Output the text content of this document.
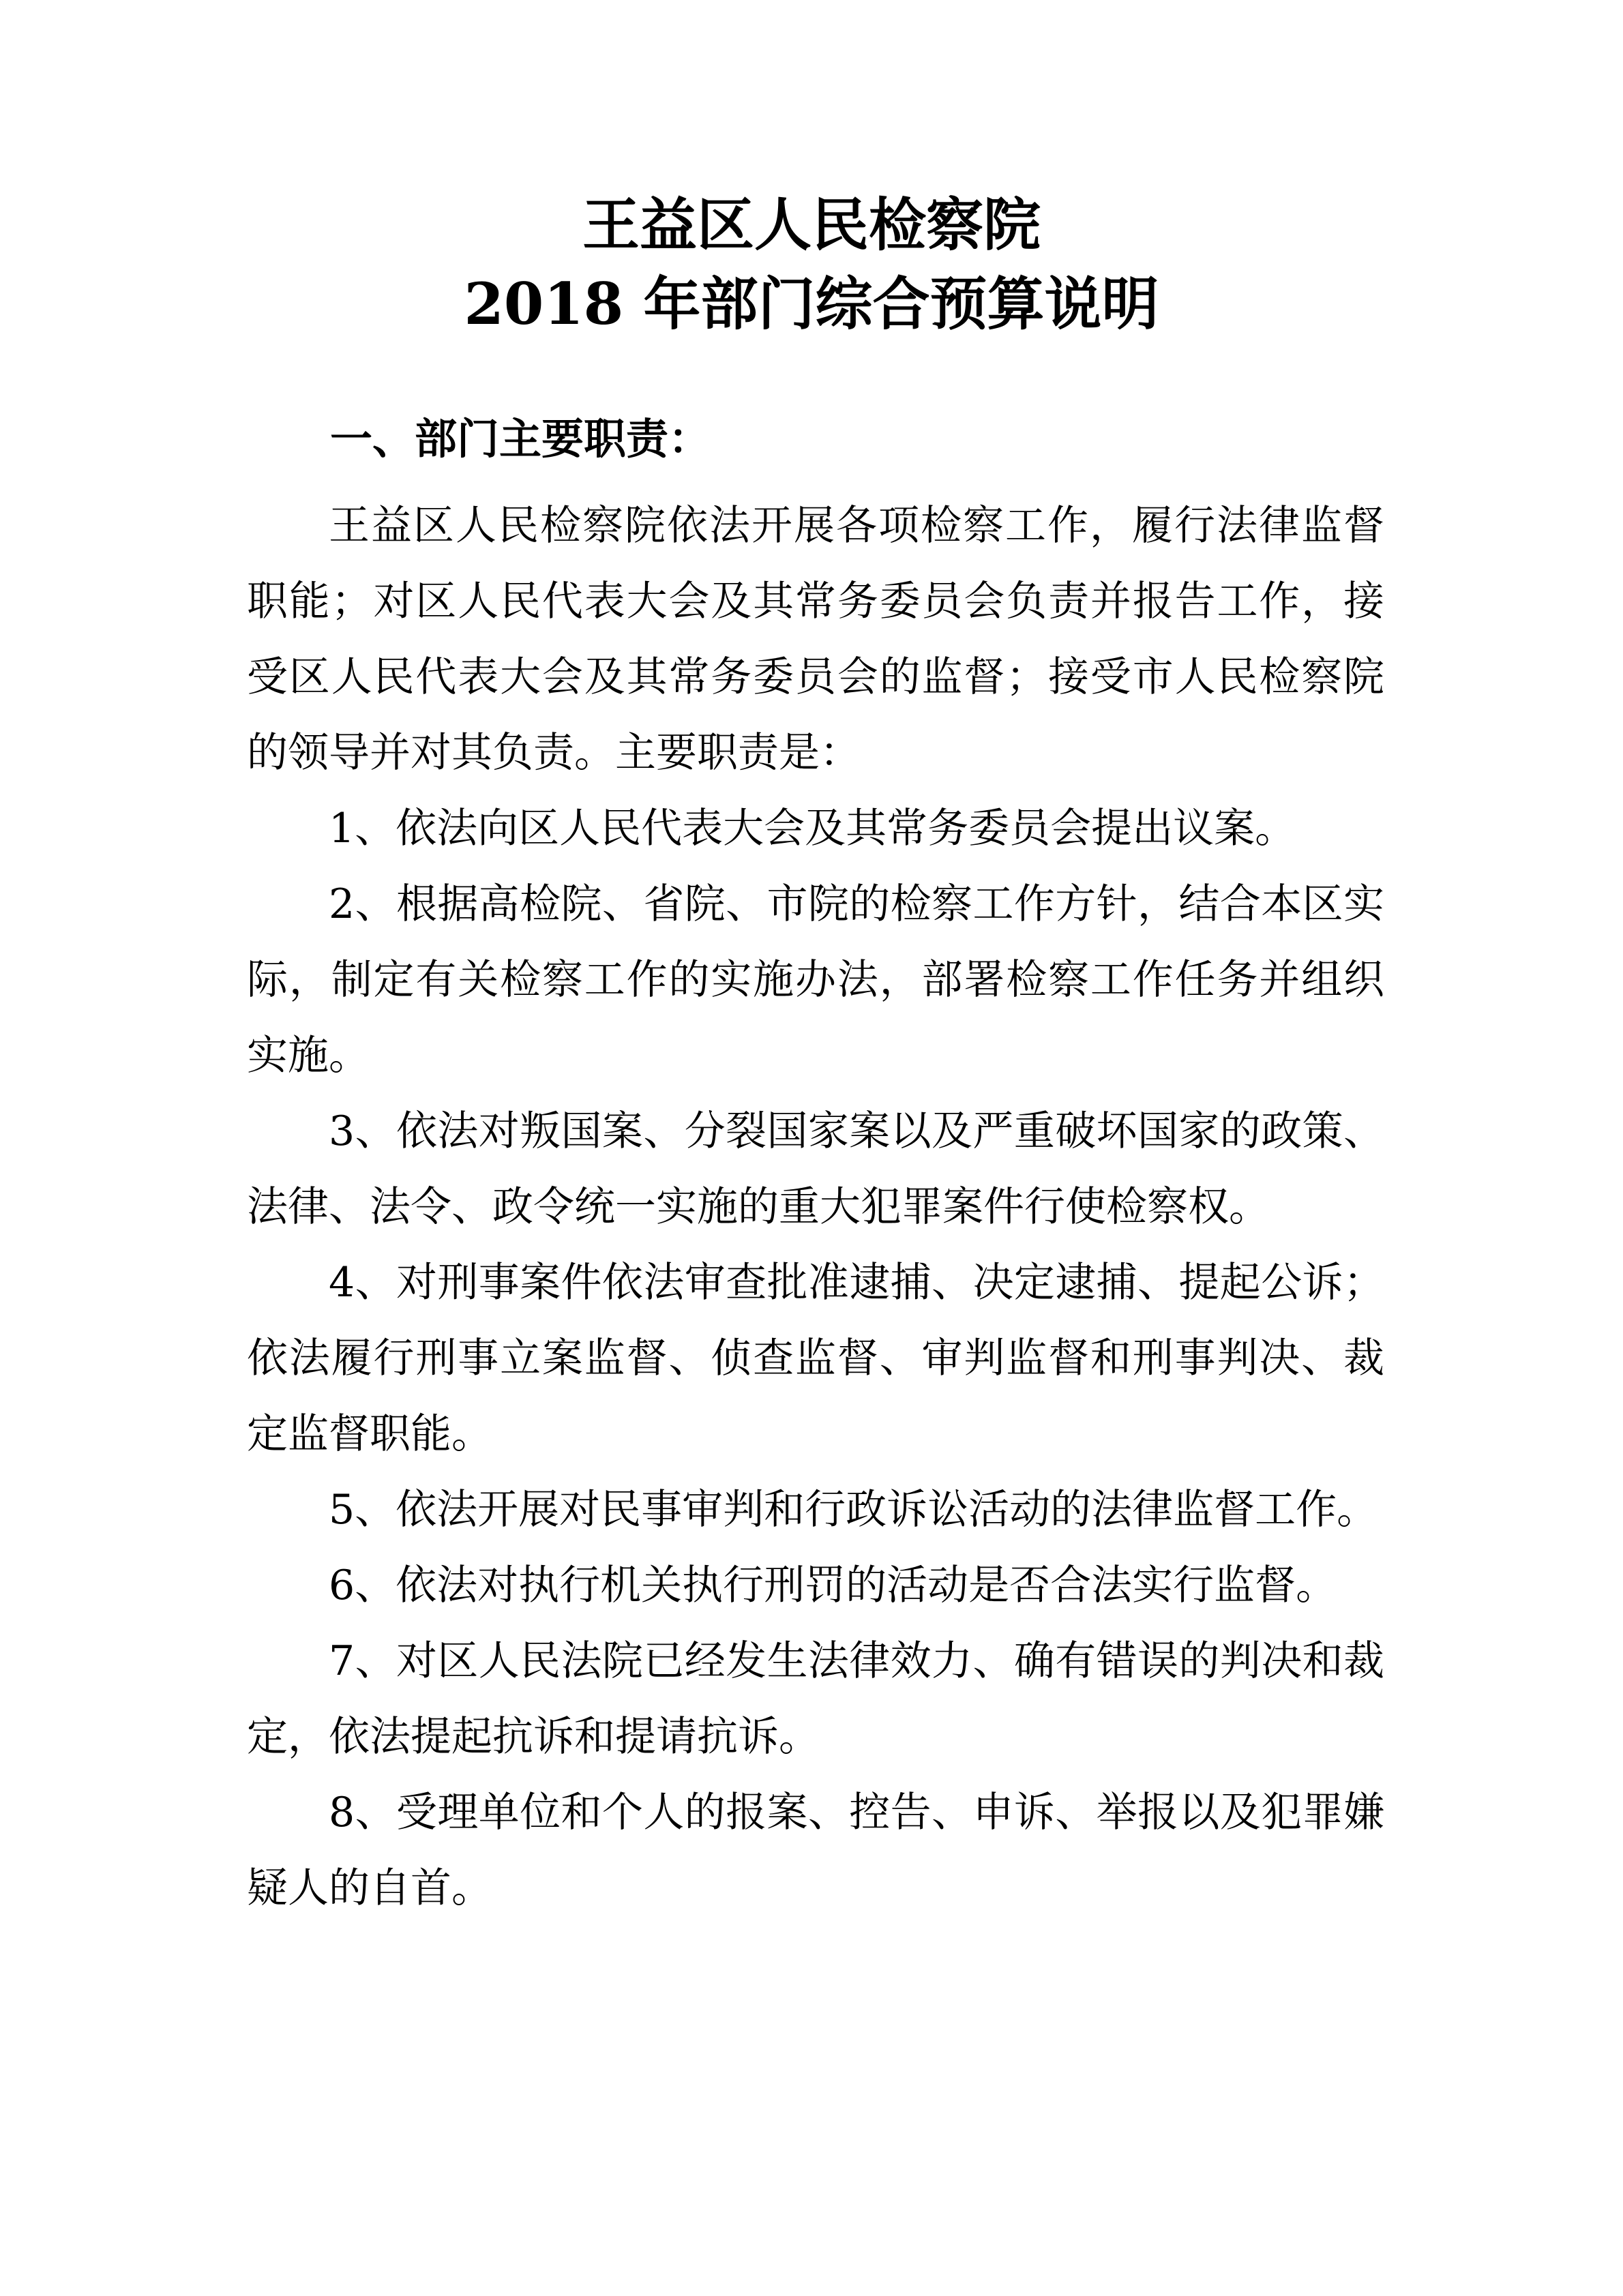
王益区人民检察院
2018 年部门综合预算说明
一、部门主要职责：

王益区人民检察院依法开展各项检察工作，履行法律监督职能；对区人民代表大会及其常务委员会负责并报告工作，接受区人民代表大会及其常务委员会的监督；接受市人民检察院的领导并对其负责。主要职责是：

1、依法向区人民代表大会及其常务委员会提出议案。

2、根据高检院、省院、市院的检察工作方针，结合本区实际，制定有关检察工作的实施办法，部署检察工作任务并组织实施。

3、依法对叛国案、分裂国家案以及严重破坏国家的政策、法律、法令、政令统一实施的重大犯罪案件行使检察权。

4、对刑事案件依法审查批准逮捕、决定逮捕、提起公诉；依法履行刑事立案监督、侦查监督、审判监督和刑事判决、裁定监督职能。

5、依法开展对民事审判和行政诉讼活动的法律监督工作。

6、依法对执行机关执行刑罚的活动是否合法实行监督。

7、对区人民法院已经发生法律效力、确有错误的判决和裁定，依法提起抗诉和提请抗诉。

8、受理单位和个人的报案、控告、申诉、举报以及犯罪嫌疑人的自首。
